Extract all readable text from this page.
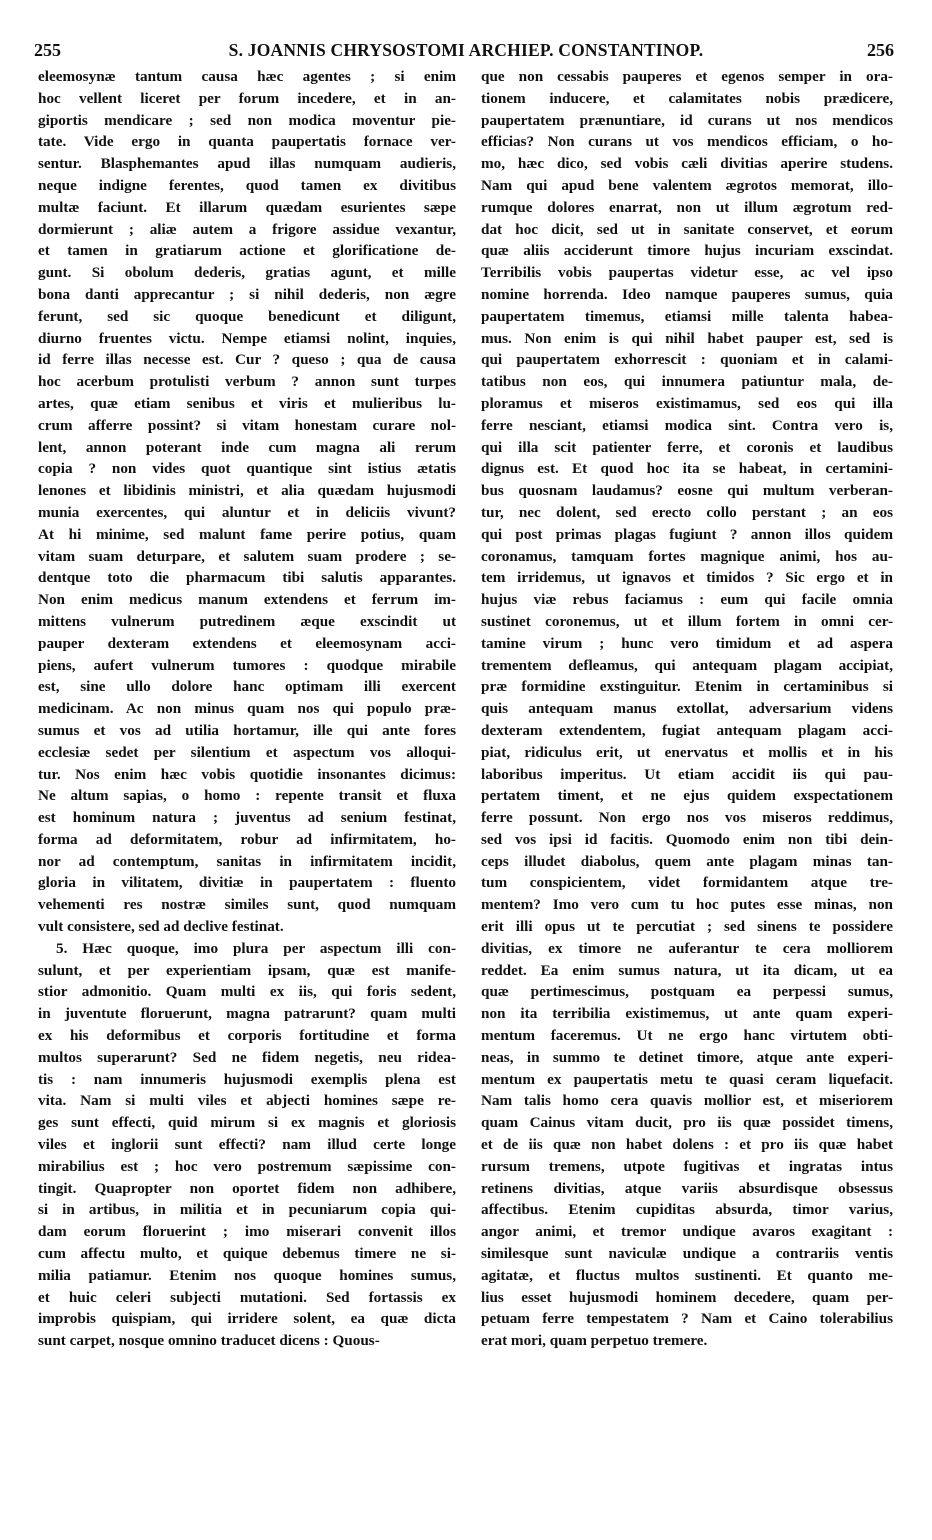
255	S. JOANNIS CHRYSOSTOMI ARCHIEP. CONSTANTINOP.	256
eleemosynæ tantum causa hæc agentes ; si enim
hoc vellent liceret per forum incedere, et in an-
giportis mendicare ; sed non modica moventur pie-
tate. Vide ergo in quanta paupertatis fornace ver-
sentur. Blasphemantes apud illas numquam audieris,
neque indigne ferentes, quod tamen ex divitibus
multæ faciunt. Et illarum quædam esurientes sæpe
dormierunt ; aliæ autem a frigore assidue vexantur,
et tamen in gratiarum actione et glorificatione de-
gunt. Si obolum dederis, gratias agunt, et mille
bona danti apprecantur ; si nihil dederis, non ægre
ferunt, sed sic quoque benedicunt et diligunt,
diurno fruentes victu. Nempe etiamsi nolint, inquies,
id ferre illas necesse est. Cur ? queso ; qua de causa
hoc acerbum protulisti verbum ? annon sunt turpes
artes, quæ etiam senibus et viris et mulieribus lu-
crum afferre possint? si vitam honestam curare nol-
lent, annon poterant inde cum magna ali rerum
copia ? non vides quot quantique sint istius ætatis
lenones et libidinis ministri, et alia quædam hujusmodi
munia exercentes, qui aluntur et in deliciis vivunt?
At hi minime, sed malunt fame perire potius, quam
vitam suam deturpare, et salutem suam prodere ; se-
dentque toto die pharmacum tibi salutis apparantes.
Non enim medicus manum extendens et ferrum im-
mittens vulnerum putredinem æque exscindit ut
pauper dexteram extendens et eleemosynam acci-
piens, aufert vulnerum tumores : quodque mirabile
est, sine ullo dolore hanc optimam illi exercent
medicinam. Ac non minus quam nos qui populo præ-
sumus et vos ad utilia hortamur, ille qui ante fores
ecclesiæ sedet per silentium et aspectum vos alloqui-
tur. Nos enim hæc vobis quotidie insonantes dicimus:
Ne altum sapias, o homo : repente transit et fluxa
est hominum natura ; juventus ad senium festinat,
forma ad deformitatem, robur ad infirmitatem, ho-
nor ad contemptum, sanitas in infirmitatem incidit,
gloria in vilitatem, divitiæ in paupertatem : fluento
vehementi res nostræ similes sunt, quod numquam
vult consistere, sed ad declive festinat.
5. Hæc quoque, imo plura per aspectum illi con-
sulunt, et per experientiam ipsam, quæ est manife-
stior admonitio. Quam multi ex iis, qui foris sedent,
in juventute floruerunt, magna patrarunt? quam multi
ex his deformibus et corporis fortitudine et forma
multos superarunt? Sed ne fidem negetis, neu ridea-
tis : nam innumeris hujusmodi exemplis plena est
vita. Nam si multi viles et abjecti homines sæpe re-
ges sunt effecti, quid mirum si ex magnis et gloriosis
viles et inglorii sunt effecti? nam illud certe longe
mirabilius est ; hoc vero postremum sæpissime con-
tingit. Quapropter non oportet fidem non adhibere,
si in artibus, in militia et in pecuniarum copia qui-
dam eorum floruerint ; imo miserari convenit illos
cum affectu multo, et quique debemus timere ne si-
milia patiamur. Etenim nos quoque homines sumus,
et huic celeri subjecti mutationi. Sed fortassis ex
improbis quispiam, qui irridere solent, ea quæ dicta
sunt carpet, nosque omnino traducet dicens : Quous-
que non cessabis pauperes et egenos semper in ora-
tionem inducere, et calamitates nobis prædicere,
paupertatem prænuntiare, id curans ut nos mendicos
efficias? Non curans ut vos mendicos efficiam, o ho-
mo, hæc dico, sed vobis cæli divitias aperire studens.
Nam qui apud bene valentem ægrotos memorat, illo-
rumque dolores enarrat, non ut illum ægrotum red-
dat hoc dicit, sed ut in sanitate conservet, et eorum
quæ aliis acciderunt timore hujus incuriam exscindat.
Terribilis vobis paupertas videtur esse, ac vel ipso
nomine horrenda. Ideo namque pauperes sumus, quia
paupertatem timemus, etiamsi mille talenta habea-
mus. Non enim is qui nihil habet pauper est, sed is
qui paupertatem exhorrescit : quoniam et in calami-
tatibus non eos, qui innumera patiuntur mala, de-
ploramus et miseros existimamus, sed eos qui illa
ferre nesciant, etiamsi modica sint. Contra vero is,
qui illa scit patienter ferre, et coronis et laudibus
dignus est. Et quod hoc ita se habeat, in certamini-
bus quosnam laudamus? eosne qui multum verberan-
tur, nec dolent, sed erecto collo perstant ; an eos
qui post primas plagas fugiunt ? annon illos quidem
coronamus, tamquam fortes magnique animi, hos au-
tem irridemus, ut ignavos et timidos ? Sic ergo et in
hujus viæ rebus faciamus : eum qui facile omnia
sustinet coronemus, ut et illum fortem in omni cer-
tamine virum ; hunc vero timidum et ad aspera
trementem defleamus, qui antequam plagam accipiat,
præ formidine exstinguitur. Etenim in certaminibus si
quis antequam manus extollat, adversarium videns
dexteram extendentem, fugiat antequam plagam acci-
piat, ridiculus erit, ut enervatus et mollis et in his
laboribus imperitus. Ut etiam accidit iis qui pau-
pertatem timent, et ne ejus quidem exspectationem
ferre possunt. Non ergo nos vos miseros reddimus,
sed vos ipsi id facitis. Quomodo enim non tibi dein-
ceps illudet diabolus, quem ante plagam minas tan-
tum conspicientem, videt formidantem atque tre-
mentem? Imo vero cum tu hoc putes esse minas, non
erit illi opus ut te percutiat ; sed sinens te possidere
divitias, ex timore ne auferantur te cera molliorem
reddet. Ea enim sumus natura, ut ita dicam, ut ea
quæ pertimescimus, postquam ea perpessi sumus,
non ita terribilia existimemus, ut ante quam experi-
mentum faceremus. Ut ne ergo hanc virtutem obti-
neas, in summo te detinet timore, atque ante experi-
mentum ex paupertatis metu te quasi ceram liquefacit.
Nam talis homo cera quavis mollior est, et miseriorem
quam Cainus vitam ducit, pro iis quæ possidet timens,
et de iis quæ non habet dolens : et pro iis quæ habet
rursum tremens, utpote fugitivas et ingratas intus
retinens divitias, atque variis absurdisque obsessus
affectibus. Etenim cupiditas absurda, timor varius,
angor animi, et tremor undique avaros exagitant :
similesque sunt naviculæ undique a contrariis ventis
agitatæ, et fluctus multos sustinenti. Et quanto me-
lius esset hujusmodi hominem decedere, quam per-
petuam ferre tempestatem ? Nam et Caino tolerabilius
erat mori, quam perpetuo tremere.
